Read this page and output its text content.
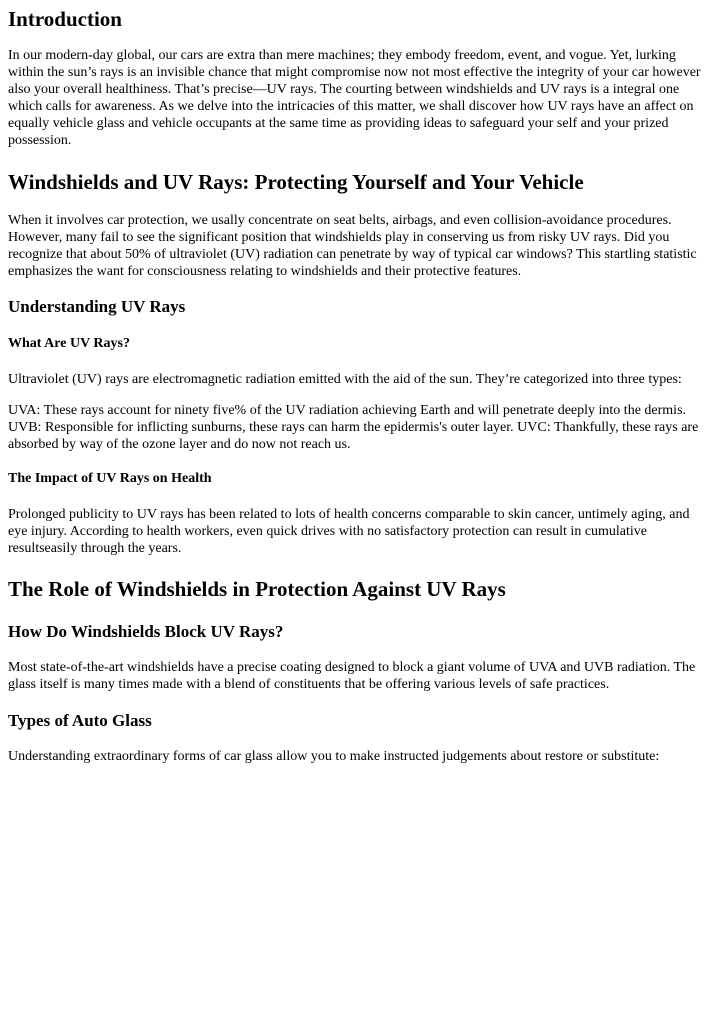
Introduction

In our modern-day global, our cars are extra than mere machines; they embody freedom, event, and vogue. Yet, lurking within the sun’s rays is an invisible chance that might compromise now not most effective the integrity of your car however also your overall healthiness. That’s precise—UV rays. The courting between windshields and UV rays is a integral one which calls for awareness. As we delve into the intricacies of this matter, we shall discover how UV rays have an affect on equally vehicle glass and vehicle occupants at the same time as providing ideas to safeguard your self and your prized possession.

Windshields and UV Rays: Protecting Yourself and Your Vehicle

When it involves car protection, we usally concentrate on seat belts, airbags, and even collision-avoidance procedures. However, many fail to see the significant position that windshields play in conserving us from risky UV rays. Did you recognize that about 50% of ultraviolet (UV) radiation can penetrate by way of typical car windows? This startling statistic emphasizes the want for consciousness relating to windshields and their protective features.

Understanding UV Rays
What Are UV Rays?

Ultraviolet (UV) rays are electromagnetic radiation emitted with the aid of the sun. They’re categorized into three types:

UVA: These rays account for ninety five% of the UV radiation achieving Earth and will penetrate deeply into the dermis. UVB: Responsible for inflicting sunburns, these rays can harm the epidermis's outer layer. UVC: Thankfully, these rays are absorbed by way of the ozone layer and do now not reach us.

The Impact of UV Rays on Health

Prolonged publicity to UV rays has been related to lots of health concerns comparable to skin cancer, untimely aging, and eye injury. According to health workers, even quick drives with no satisfactory protection can result in cumulative resultseasily through the years.

The Role of Windshields in Protection Against UV Rays
How Do Windshields Block UV Rays?

Most state-of-the-art windshields have a precise coating designed to block a giant volume of UVA and UVB radiation. The glass itself is many times made with a blend of constituents that be offering various levels of safe practices.

Types of Auto Glass

Understanding extraordinary forms of car glass allow you to make instructed judgements about restore or substitute:
